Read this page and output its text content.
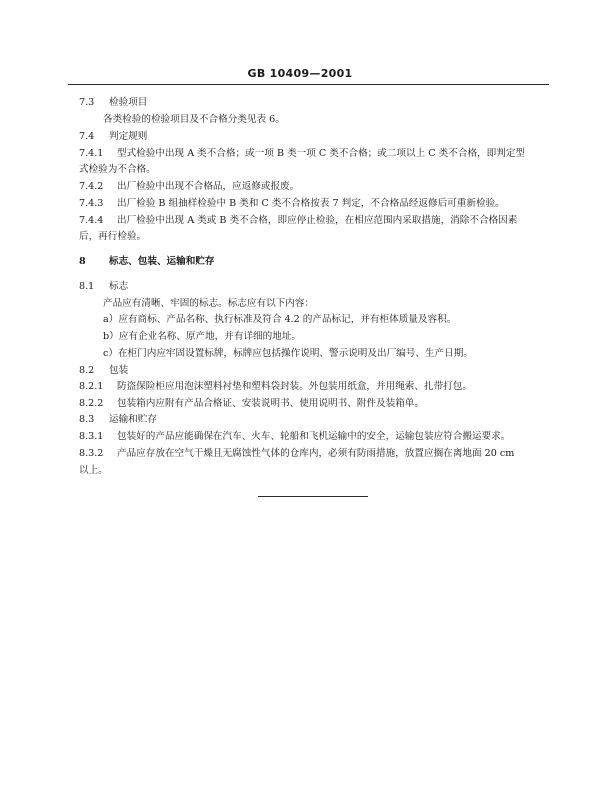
GB 10409—2001
7.3 检验项目
各类检验的检验项目及不合格分类见表 6。
7.4 判定规则
7.4.1 型式检验中出现 A 类不合格；或一项 B 类一项 C 类不合格；或二项以上 C 类不合格，即判定型
式检验为不合格。
7.4.2 出厂检验中出现不合格品，应返修或报废。
7.4.3 出厂检验 B 组抽样检验中 B 类和 C 类不合格按表 7 判定，不合格品经返修后可重新检验。
7.4.4 出厂检验中出现 A 类或 B 类不合格，即应停止检验，在相应范围内采取措施，消除不合格因素
后，再行检验。
8 标志、包装、运输和贮存
8.1 标志
产品应有清晰、牢固的标志。标志应有以下内容：
a）应有商标、产品名称、执行标准及符合 4.2 的产品标记，并有柜体质量及容积。
b）应有企业名称、原产地，并有详细的地址。
c）在柜门内应牢固设置标牌，标牌应包括操作说明、警示说明及出厂编号、生产日期。
8.2 包装
8.2.1 防盗保险柜应用泡沫塑料衬垫和塑料袋封装。外包装用纸盒，并用绳索、扎带打包。
8.2.2 包装箱内应附有产品合格证、安装说明书、使用说明书、附件及装箱单。
8.3 运输和贮存
8.3.1 包装好的产品应能确保在汽车、火车、轮船和飞机运输中的安全，运输包装应符合搬运要求。
8.3.2 产品应存放在空气干燥且无腐蚀性气体的仓库内，必须有防雨措施，放置应搁在离地面 20 cm
以上。
